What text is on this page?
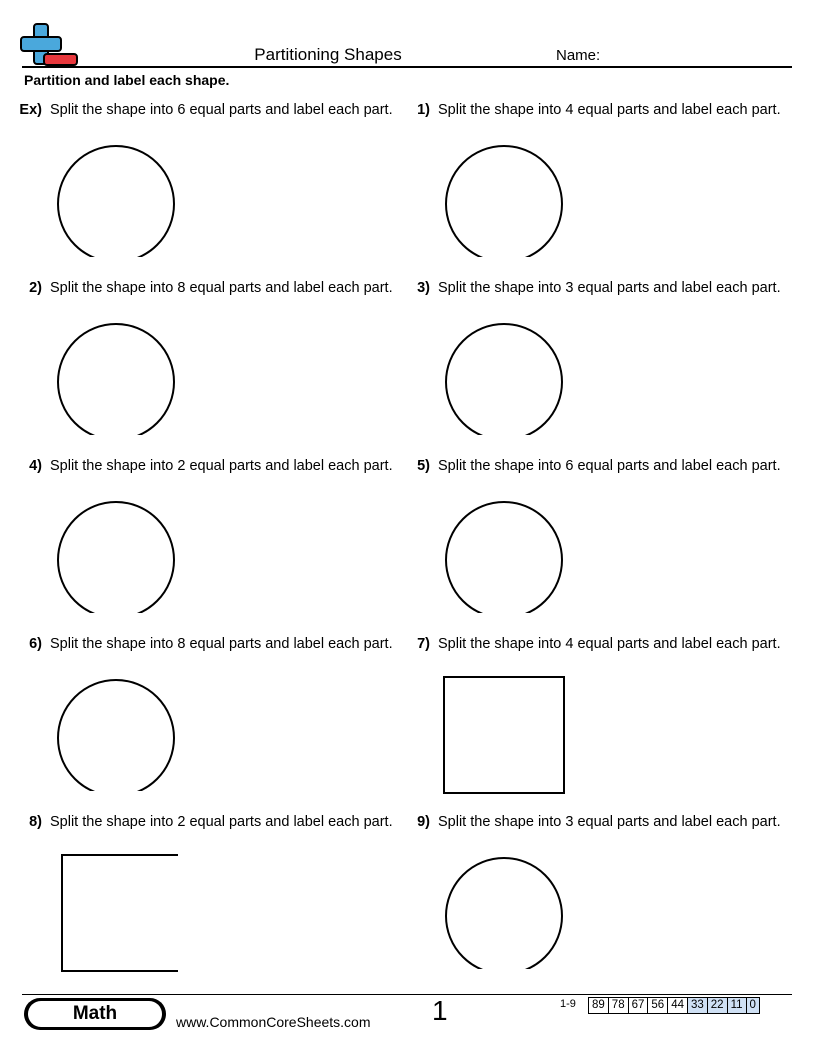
Partitioning Shapes	Name:
Partition and label each shape.
Ex) Split the shape into 6 equal parts and label each part.	1) Split the shape into 4 equal parts and label each part.
2) Split the shape into 8 equal parts and label each part.	3) Split the shape into 3 equal parts and label each part.
4) Split the shape into 2 equal parts and label each part.	5) Split the shape into 6 equal parts and label each part.
6) Split the shape into 8 equal parts and label each part.	7) Split the shape into 4 equal parts and label each part.
8) Split the shape into 2 equal parts and label each part.	9) Split the shape into 3 equal parts and label each part.
Math	www.CommonCoreSheets.com 1	1-9 89	78	67	56	44	33	22	11	0
